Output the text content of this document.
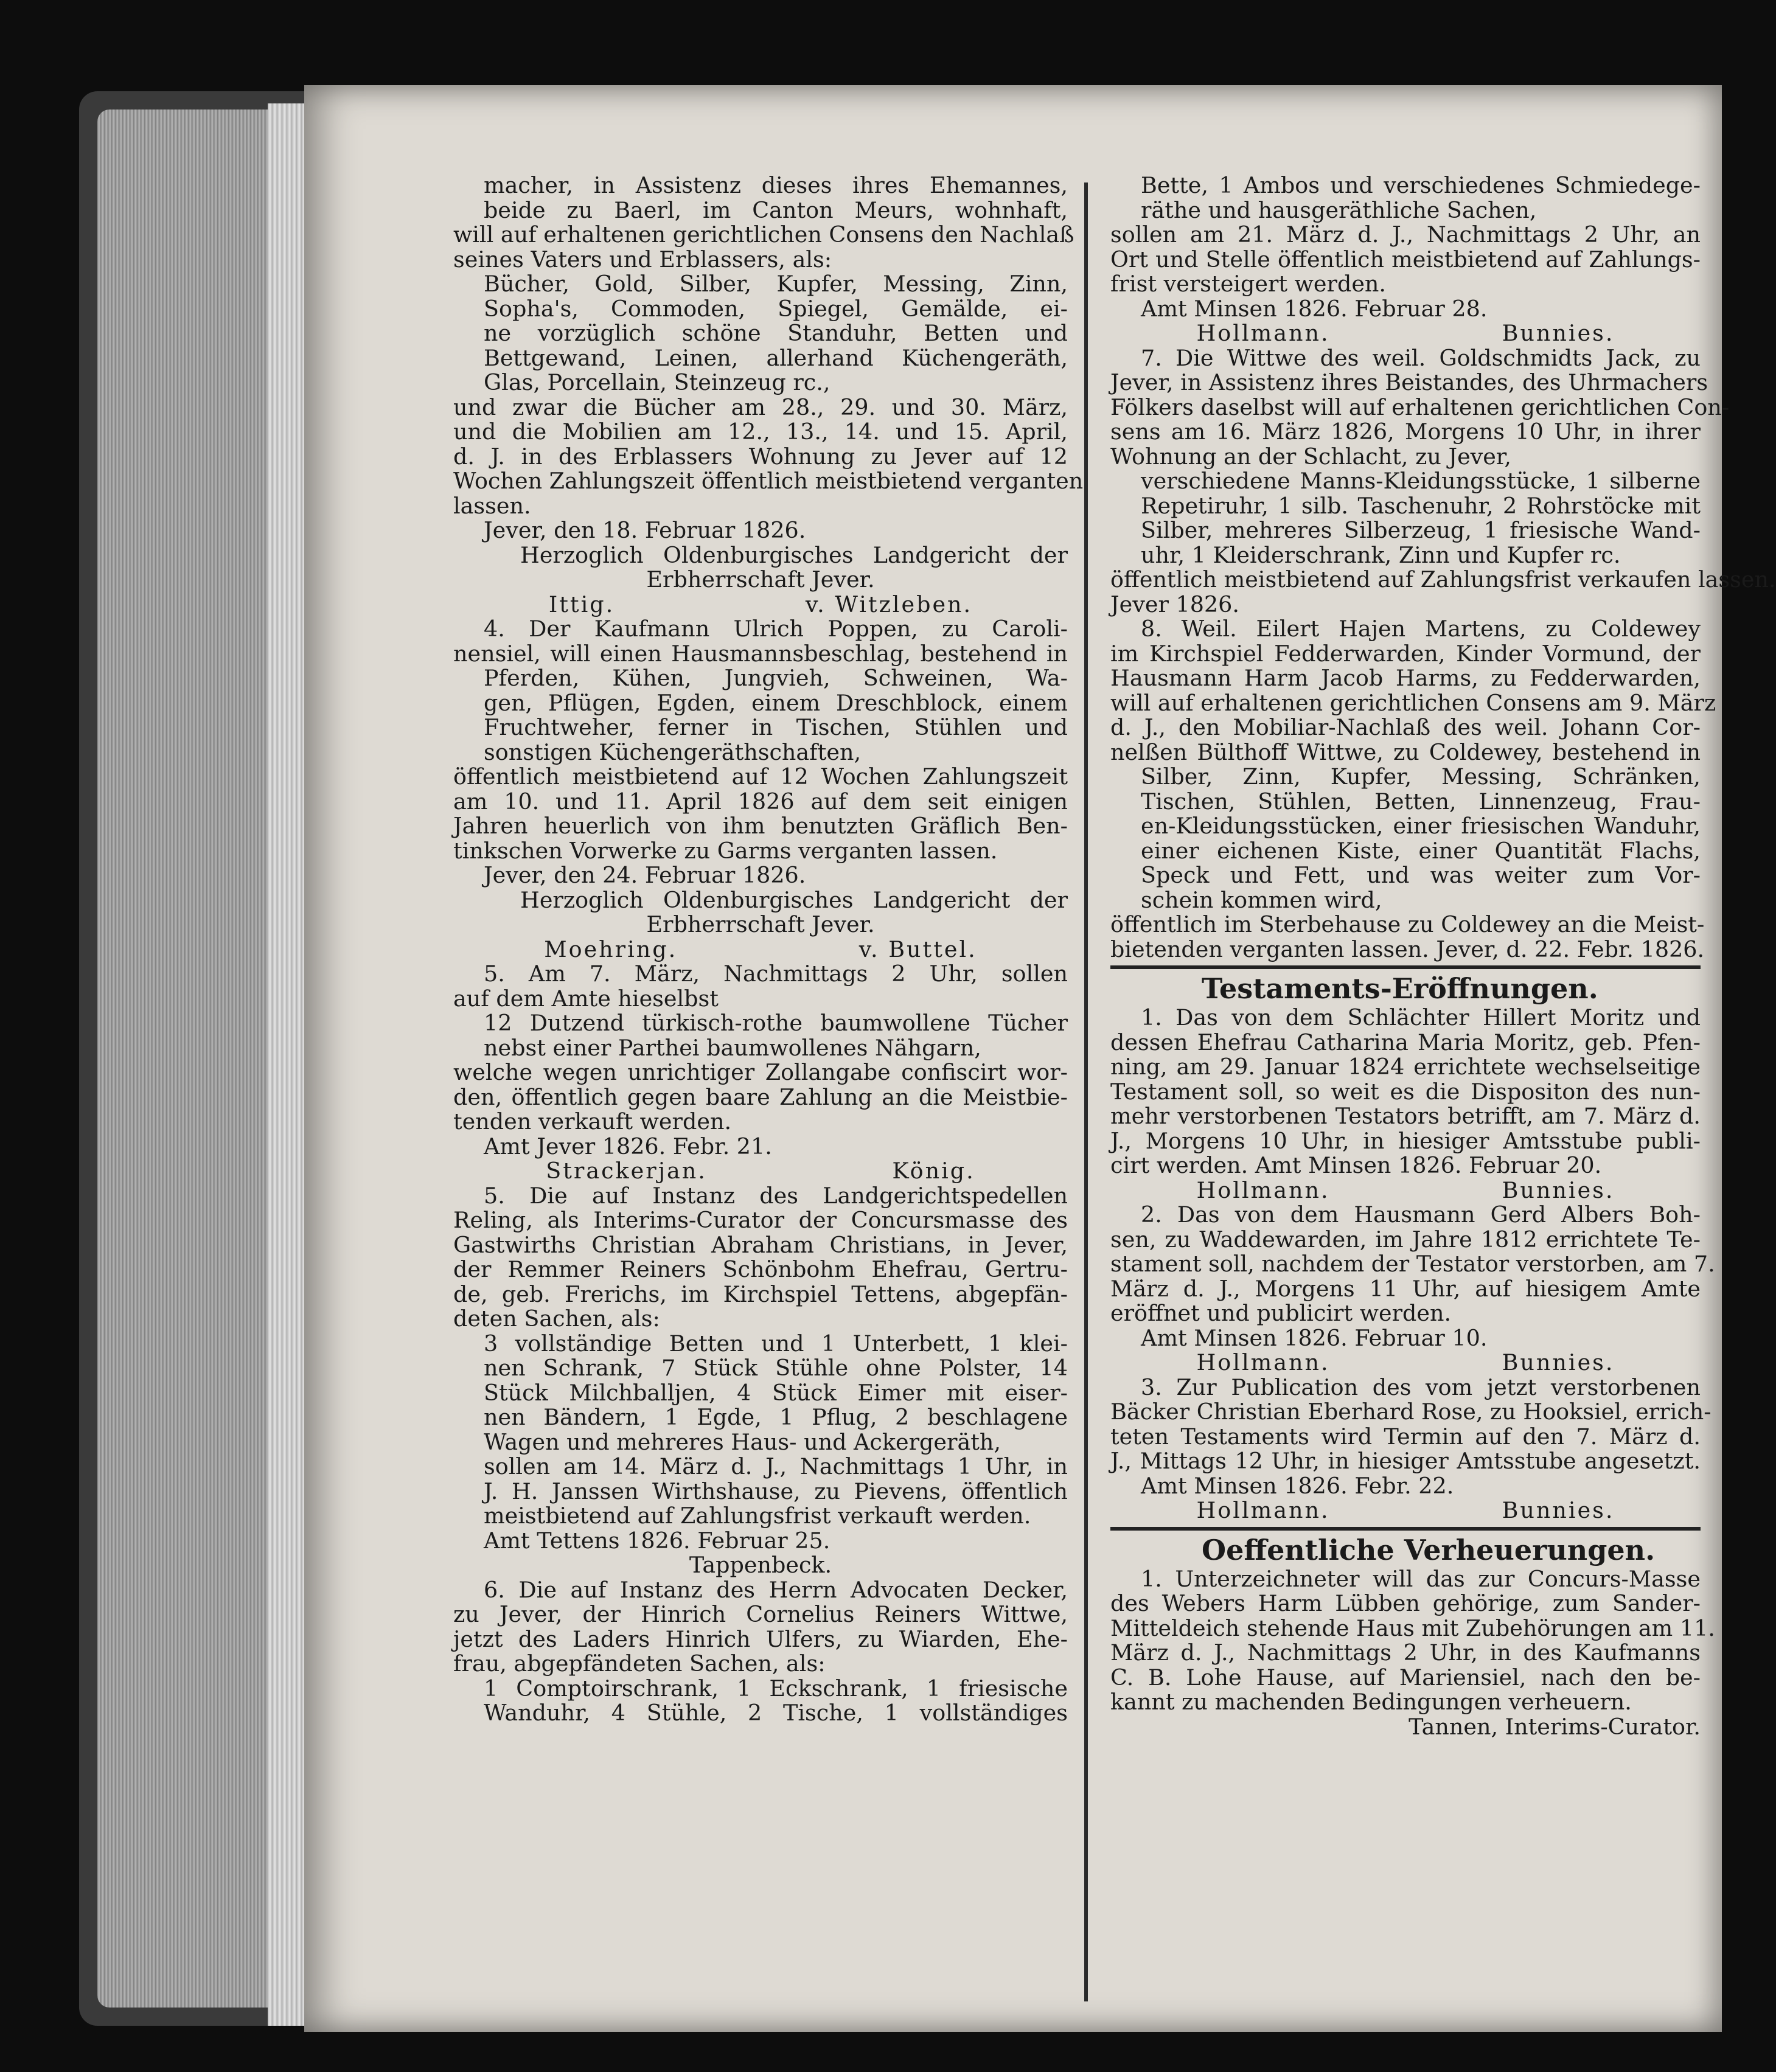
macher, in Assistenz dieses ihres Ehemannes,
beide zu Baerl, im Canton Meurs, wohnhaft,
will auf erhaltenen gerichtlichen Consens den Nachlaß
seines Vaters und Erblassers, als:
Bücher, Gold, Silber, Kupfer, Messing, Zinn,
Sopha's, Commoden, Spiegel, Gemälde, ei-
ne vorzüglich schöne Standuhr, Betten und
Bettgewand, Leinen, allerhand Küchengeräth,
Glas, Porcellain, Steinzeug rc.,
und zwar die Bücher am 28., 29. und 30. März,
und die Mobilien am 12., 13., 14. und 15. April,
d. J. in des Erblassers Wohnung zu Jever auf 12
Wochen Zahlungszeit öffentlich meistbietend verganten
lassen.
Jever, den 18. Februar 1826.
Herzoglich Oldenburgisches Landgericht der
Erbherrschaft Jever.
Ittig.	v. Witzleben.
4. Der Kaufmann Ulrich Poppen, zu Caroli-
nensiel, will einen Hausmannsbeschlag, bestehend in
Pferden, Kühen, Jungvieh, Schweinen, Wa-
gen, Pflügen, Egden, einem Dreschblock, einem
Fruchtweher, ferner in Tischen, Stühlen und
sonstigen Küchengeräthschaften,
öffentlich meistbietend auf 12 Wochen Zahlungszeit
am 10. und 11. April 1826 auf dem seit einigen
Jahren heuerlich von ihm benutzten Gräflich Ben-
tinkschen Vorwerke zu Garms verganten lassen.
Jever, den 24. Februar 1826.
Herzoglich Oldenburgisches Landgericht der
Erbherrschaft Jever.
Moehring.	v. Buttel.
5. Am 7. März, Nachmittags 2 Uhr, sollen
auf dem Amte hieselbst
12 Dutzend türkisch-rothe baumwollene Tücher
nebst einer Parthei baumwollenes Nähgarn,
welche wegen unrichtiger Zollangabe confiscirt wor-
den, öffentlich gegen baare Zahlung an die Meistbie-
tenden verkauft werden.
Amt Jever 1826. Febr. 21.
Strackerjan.	König.
5. Die auf Instanz des Landgerichtspedellen
Reling, als Interims-Curator der Concursmasse des
Gastwirths Christian Abraham Christians, in Jever,
der Remmer Reiners Schönbohm Ehefrau, Gertru-
de, geb. Frerichs, im Kirchspiel Tettens, abgepfän-
deten Sachen, als:
3 vollständige Betten und 1 Unterbett, 1 klei-
nen Schrank, 7 Stück Stühle ohne Polster, 14
Stück Milchballjen, 4 Stück Eimer mit eiser-
nen Bändern, 1 Egde, 1 Pflug, 2 beschlagene
Wagen und mehreres Haus- und Ackergeräth,
sollen am 14. März d. J., Nachmittags 1 Uhr, in
J. H. Janssen Wirthshause, zu Pievens, öffentlich
meistbietend auf Zahlungsfrist verkauft werden.
Amt Tettens 1826. Februar 25.
Tappenbeck.
6. Die auf Instanz des Herrn Advocaten Decker,
zu Jever, der Hinrich Cornelius Reiners Wittwe,
jetzt des Laders Hinrich Ulfers, zu Wiarden, Ehe-
frau, abgepfändeten Sachen, als:
1 Comptoirschrank, 1 Eckschrank, 1 friesische
Wanduhr, 4 Stühle, 2 Tische, 1 vollständiges
Bette, 1 Ambos und verschiedenes Schmiedege-
räthe und hausgeräthliche Sachen,
sollen am 21. März d. J., Nachmittags 2 Uhr, an
Ort und Stelle öffentlich meistbietend auf Zahlungs-
frist versteigert werden.
Amt Minsen 1826. Februar 28.
Hollmann.	Bunnies.
7. Die Wittwe des weil. Goldschmidts Jack, zu
Jever, in Assistenz ihres Beistandes, des Uhrmachers
Fölkers daselbst will auf erhaltenen gerichtlichen Con-
sens am 16. März 1826, Morgens 10 Uhr, in ihrer
Wohnung an der Schlacht, zu Jever,
verschiedene Manns-Kleidungsstücke, 1 silberne
Repetiruhr, 1 silb. Taschenuhr, 2 Rohrstöcke mit
Silber, mehreres Silberzeug, 1 friesische Wand-
uhr, 1 Kleiderschrank, Zinn und Kupfer rc.
öffentlich meistbietend auf Zahlungsfrist verkaufen lassen.
Jever 1826.
8. Weil. Eilert Hajen Martens, zu Coldewey
im Kirchspiel Fedderwarden, Kinder Vormund, der
Hausmann Harm Jacob Harms, zu Fedderwarden,
will auf erhaltenen gerichtlichen Consens am 9. März
d. J., den Mobiliar-Nachlaß des weil. Johann Cor-
nelßen Bülthoff Wittwe, zu Coldewey, bestehend in
Silber, Zinn, Kupfer, Messing, Schränken,
Tischen, Stühlen, Betten, Linnenzeug, Frau-
en-Kleidungsstücken, einer friesischen Wanduhr,
einer eichenen Kiste, einer Quantität Flachs,
Speck und Fett, und was weiter zum Vor-
schein kommen wird,
öffentlich im Sterbehause zu Coldewey an die Meist-
bietenden verganten lassen. Jever, d. 22. Febr. 1826.
Testaments-Eröffnungen.
1. Das von dem Schlächter Hillert Moritz und
dessen Ehefrau Catharina Maria Moritz, geb. Pfen-
ning, am 29. Januar 1824 errichtete wechselseitige
Testament soll, so weit es die Dispositon des nun-
mehr verstorbenen Testators betrifft, am 7. März d.
J., Morgens 10 Uhr, in hiesiger Amtsstube publi-
cirt werden. Amt Minsen 1826. Februar 20.
Hollmann.	Bunnies.
2. Das von dem Hausmann Gerd Albers Boh-
sen, zu Waddewarden, im Jahre 1812 errichtete Te-
stament soll, nachdem der Testator verstorben, am 7.
März d. J., Morgens 11 Uhr, auf hiesigem Amte
eröffnet und publicirt werden.
Amt Minsen 1826. Februar 10.
Hollmann.	Bunnies.
3. Zur Publication des vom jetzt verstorbenen
Bäcker Christian Eberhard Rose, zu Hooksiel, errich-
teten Testaments wird Termin auf den 7. März d.
J., Mittags 12 Uhr, in hiesiger Amtsstube angesetzt.
Amt Minsen 1826. Febr. 22.
Hollmann.	Bunnies.
Oeffentliche Verheuerungen.
1. Unterzeichneter will das zur Concurs-Masse
des Webers Harm Lübben gehörige, zum Sander-
Mitteldeich stehende Haus mit Zubehörungen am 11.
März d. J., Nachmittags 2 Uhr, in des Kaufmanns
C. B. Lohe Hause, auf Mariensiel, nach den be-
kannt zu machenden Bedingungen verheuern.
Tannen, Interims-Curator.
